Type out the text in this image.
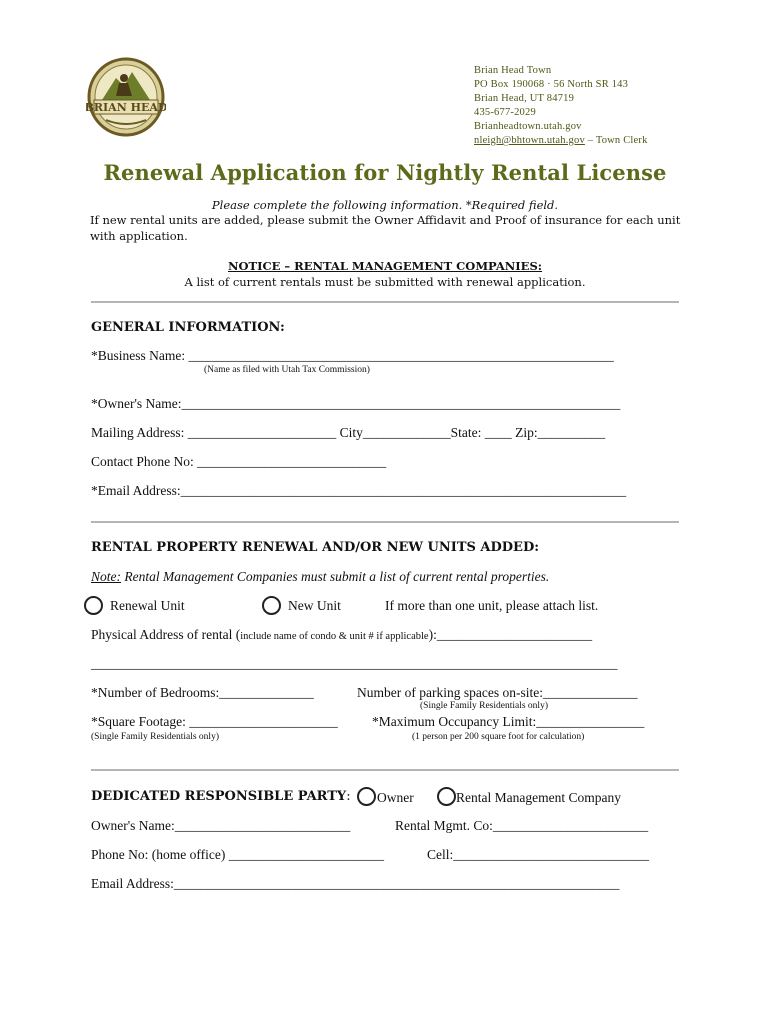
BRIAN HEAD
Brian Head Town
PO Box 190068 · 56 North SR 143
Brian Head, UT 84719
435-677-2029
Brianheadtown.utah.gov
nleigh@bhtown.utah.gov – Town Clerk
Renewal Application for Nightly Rental License
Please complete the following information. *Required field.
If new rental units are added, please submit the Owner Affidavit and Proof of insurance for each unit with application.
NOTICE – RENTAL MANAGEMENT COMPANIES:
A list of current rentals must be submitted with renewal application.
GENERAL INFORMATION:
*Business Name: _______________________________________________________________
(Name as filed with Utah Tax Commission)
*Owner's Name:_________________________________________________________________
Mailing Address: ______________________ City_____________State: ____ Zip:__________
Contact Phone No: ____________________________
*Email Address:__________________________________________________________________
RENTAL PROPERTY RENEWAL AND/OR NEW UNITS ADDED:
Note: Rental Management Companies must submit a list of current rental properties.
Renewal Unit	New Unit	If more than one unit, please attach list.
Physical Address of rental (include name of condo & unit # if applicable):_______________________
______________________________________________________________________________
*Number of Bedrooms:______________	Number of parking spaces on-site:______________
(Single Family Residentials only)
*Square Footage: ______________________	*Maximum Occupancy Limit:________________
(Single Family Residentials only)	(1 person per 200 square foot for calculation)
DEDICATED RESPONSIBLE PARTY: Owner	Rental Management Company
Owner's Name:__________________________	Rental Mgmt. Co:_______________________
Phone No: (home office) _______________________	Cell:_____________________________
Email Address:__________________________________________________________________
